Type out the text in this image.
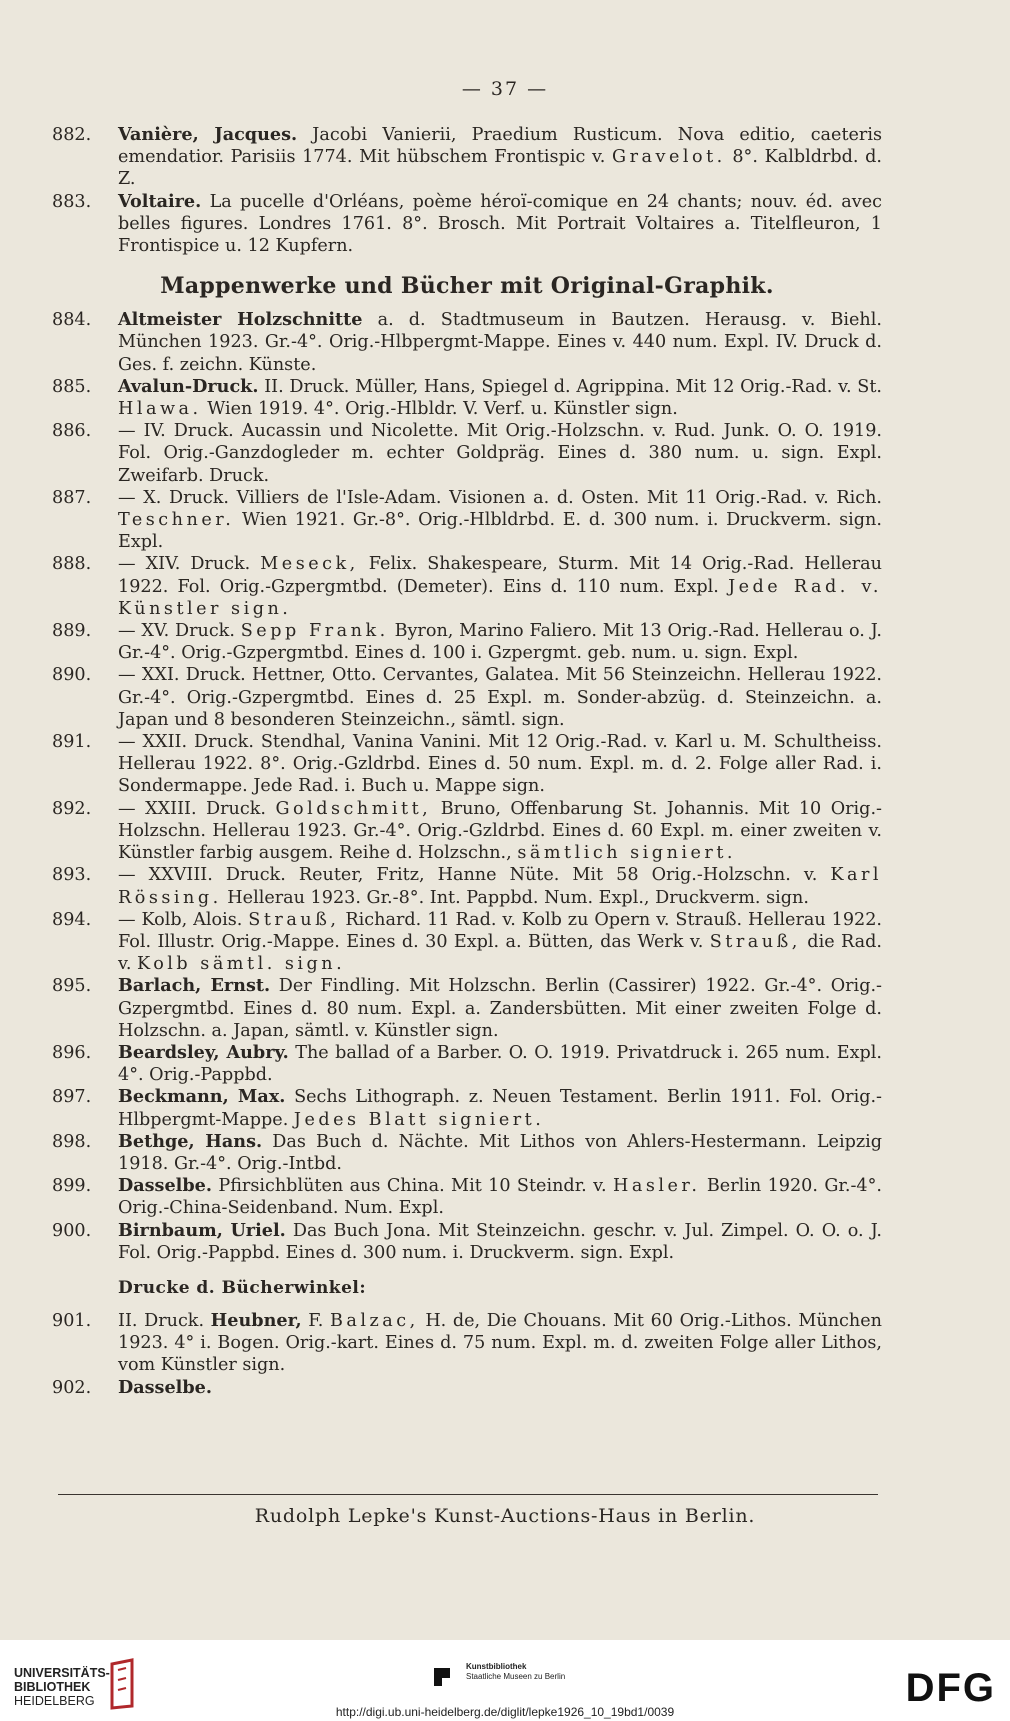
— 37 —
882.	Vanière, Jacques. Jacobi Vanierii, Praedium Rusticum. Nova editio, caeteris emendatior. Parisiis 1774. Mit hübschem Frontispic v. Gravelot. 8°. Kalbldrbd. d. Z.
883.	Voltaire. La pucelle d'Orléans, poème héroï-comique en 24 chants; nouv. éd. avec belles figures. Londres 1761. 8°. Brosch. Mit Portrait Voltaires a. Titelfleuron, 1 Frontispice u. 12 Kupfern.
Mappenwerke und Bücher mit Original-Graphik.
884.	Altmeister Holzschnitte a. d. Stadtmuseum in Bautzen. Herausg. v. Biehl. München 1923. Gr.-4°. Orig.-Hlbpergmt-Mappe. Eines v. 440 num. Expl. IV. Druck d. Ges. f. zeichn. Künste.
885.	Avalun-Druck. II. Druck. Müller, Hans, Spiegel d. Agrippina. Mit 12 Orig.-Rad. v. St. Hlawa. Wien 1919. 4°. Orig.-Hlbldr. V. Verf. u. Künstler sign.
886.	— IV. Druck. Aucassin und Nicolette. Mit Orig.-Holzschn. v. Rud. Junk. O. O. 1919. Fol. Orig.-Ganzdogleder m. echter Goldpräg. Eines d. 380 num. u. sign. Expl. Zweifarb. Druck.
887.	— X. Druck. Villiers de l'Isle-Adam. Visionen a. d. Osten. Mit 11 Orig.-Rad. v. Rich. Teschner. Wien 1921. Gr.-8°. Orig.-Hlbldrbd. E. d. 300 num. i. Druckverm. sign. Expl.
888.	— XIV. Druck. Meseck, Felix. Shakespeare, Sturm. Mit 14 Orig.-Rad. Hellerau 1922. Fol. Orig.-Gzpergmtbd. (Demeter). Eins d. 110 num. Expl. Jede Rad. v. Künstler sign.
889.	— XV. Druck. Sepp Frank. Byron, Marino Faliero. Mit 13 Orig.-Rad. Hellerau o. J. Gr.-4°. Orig.-Gzpergmtbd. Eines d. 100 i. Gzpergmt. geb. num. u. sign. Expl.
890.	— XXI. Druck. Hettner, Otto. Cervantes, Galatea. Mit 56 Steinzeichn. Hellerau 1922. Gr.-4°. Orig.-Gzpergmtbd. Eines d. 25 Expl. m. Sonder-abzüg. d. Steinzeichn. a. Japan und 8 besonderen Steinzeichn., sämtl. sign.
891.	— XXII. Druck. Stendhal, Vanina Vanini. Mit 12 Orig.-Rad. v. Karl u. M. Schultheiss. Hellerau 1922. 8°. Orig.-Gzldrbd. Eines d. 50 num. Expl. m. d. 2. Folge aller Rad. i. Sondermappe. Jede Rad. i. Buch u. Mappe sign.
892.	— XXIII. Druck. Goldschmitt, Bruno, Offenbarung St. Johannis. Mit 10 Orig.-Holzschn. Hellerau 1923. Gr.-4°. Orig.-Gzldrbd. Eines d. 60 Expl. m. einer zweiten v. Künstler farbig ausgem. Reihe d. Holzschn., sämtlich signiert.
893.	— XXVIII. Druck. Reuter, Fritz, Hanne Nüte. Mit 58 Orig.-Holzschn. v. Karl Rössing. Hellerau 1923. Gr.-8°. Int. Pappbd. Num. Expl., Druckverm. sign.
894.	— Kolb, Alois. Strauß, Richard. 11 Rad. v. Kolb zu Opern v. Strauß. Hellerau 1922. Fol. Illustr. Orig.-Mappe. Eines d. 30 Expl. a. Bütten, das Werk v. Strauß, die Rad. v. Kolb sämtl. sign.
895.	Barlach, Ernst. Der Findling. Mit Holzschn. Berlin (Cassirer) 1922. Gr.-4°. Orig.-Gzpergmtbd. Eines d. 80 num. Expl. a. Zandersbütten. Mit einer zweiten Folge d. Holzschn. a. Japan, sämtl. v. Künstler sign.
896.	Beardsley, Aubry. The ballad of a Barber. O. O. 1919. Privatdruck i. 265 num. Expl. 4°. Orig.-Pappbd.
897.	Beckmann, Max. Sechs Lithograph. z. Neuen Testament. Berlin 1911. Fol. Orig.-Hlbpergmt-Mappe. Jedes Blatt signiert.
898.	Bethge, Hans. Das Buch d. Nächte. Mit Lithos von Ahlers-Hestermann. Leipzig 1918. Gr.-4°. Orig.-Intbd.
899.	Dasselbe. Pfirsichblüten aus China. Mit 10 Steindr. v. Hasler. Berlin 1920. Gr.-4°. Orig.-China-Seidenband. Num. Expl.
900.	Birnbaum, Uriel. Das Buch Jona. Mit Steinzeichn. geschr. v. Jul. Zimpel. O. O. o. J. Fol. Orig.-Pappbd. Eines d. 300 num. i. Druckverm. sign. Expl.
Drucke d. Bücherwinkel:
901.	II. Druck. Heubner, F. Balzac, H. de, Die Chouans. Mit 60 Orig.-Lithos. München 1923. 4° i. Bogen. Orig.-kart. Eines d. 75 num. Expl. m. d. zweiten Folge aller Lithos, vom Künstler sign.
902.	Dasselbe.
Rudolph Lepke's Kunst-Auctions-Haus in Berlin.
UNIVERSITÄTS-
BIBLIOTHEK
HEIDELBERG
Kunstbibliothek
Staatliche Museen zu Berlin	DFG
http://digi.ub.uni-heidelberg.de/diglit/lepke1926_10_19bd1/0039
